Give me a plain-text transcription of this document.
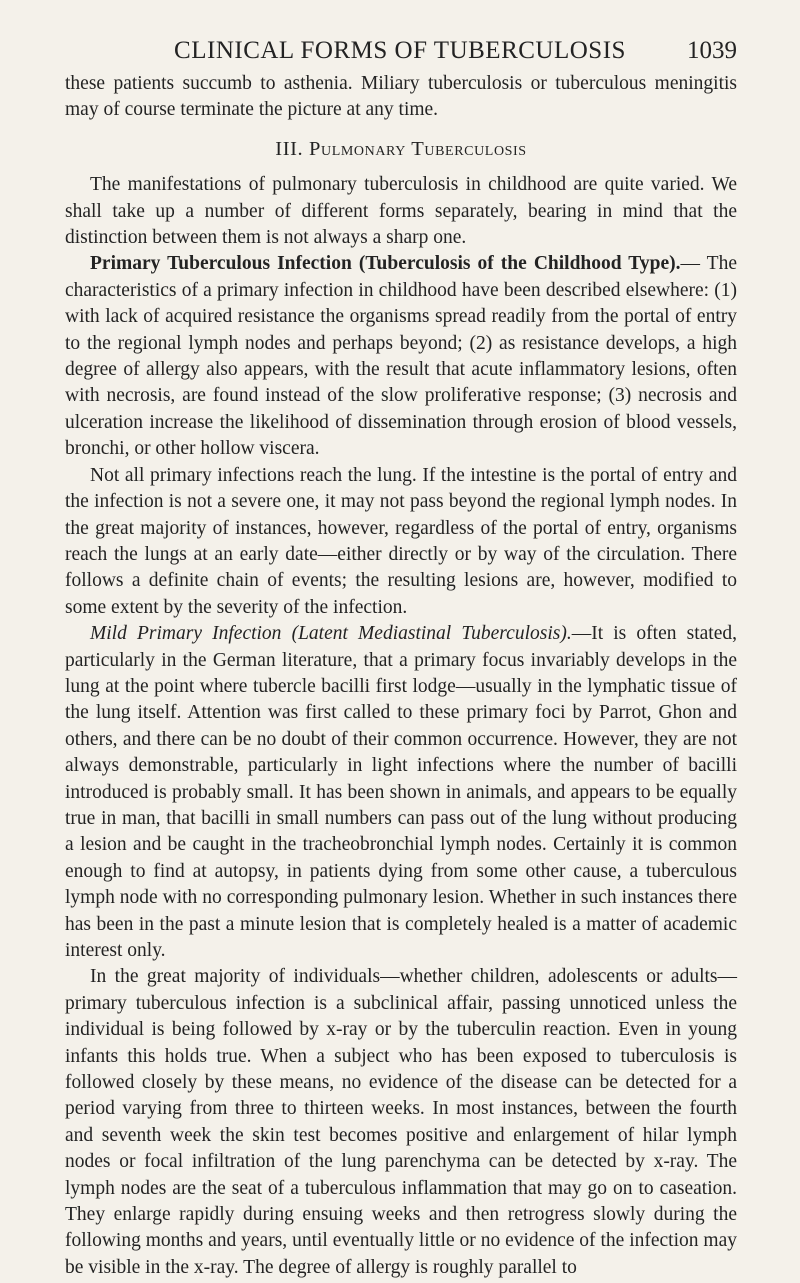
CLINICAL FORMS OF TUBERCULOSIS	1039

these patients succumb to asthenia. Miliary tuberculosis or tuberculous meningitis may of course terminate the picture at any time.

III. Pulmonary Tuberculosis

The manifestations of pulmonary tuberculosis in childhood are quite varied. We shall take up a number of different forms separately, bearing in mind that the distinction between them is not always a sharp one.

Primary Tuberculous Infection (Tuberculosis of the Childhood Type).— The characteristics of a primary infection in childhood have been described elsewhere: (1) with lack of acquired resistance the organisms spread readily from the portal of entry to the regional lymph nodes and perhaps beyond; (2) as resistance develops, a high degree of allergy also appears, with the result that acute inflammatory lesions, often with necrosis, are found instead of the slow proliferative response; (3) necrosis and ulceration increase the likelihood of dissemination through erosion of blood vessels, bronchi, or other hollow viscera.

Not all primary infections reach the lung. If the intestine is the portal of entry and the infection is not a severe one, it may not pass beyond the regional lymph nodes. In the great majority of instances, however, regardless of the portal of entry, organisms reach the lungs at an early date—either directly or by way of the circulation. There follows a definite chain of events; the resulting lesions are, however, modified to some extent by the severity of the infection.

Mild Primary Infection (Latent Mediastinal Tuberculosis).—It is often stated, particularly in the German literature, that a primary focus invariably develops in the lung at the point where tubercle bacilli first lodge—usually in the lymphatic tissue of the lung itself. Attention was first called to these primary foci by Parrot, Ghon and others, and there can be no doubt of their common occurrence. However, they are not always demonstrable, particularly in light infections where the number of bacilli introduced is probably small. It has been shown in animals, and appears to be equally true in man, that bacilli in small numbers can pass out of the lung without producing a lesion and be caught in the tracheobronchial lymph nodes. Certainly it is common enough to find at autopsy, in patients dying from some other cause, a tuberculous lymph node with no corresponding pulmonary lesion. Whether in such instances there has been in the past a minute lesion that is completely healed is a matter of academic interest only.

In the great majority of individuals—whether children, adolescents or adults— primary tuberculous infection is a subclinical affair, passing unnoticed unless the individual is being followed by x-ray or by the tuberculin reaction. Even in young infants this holds true. When a subject who has been exposed to tuberculosis is followed closely by these means, no evidence of the disease can be detected for a period varying from three to thirteen weeks. In most instances, between the fourth and seventh week the skin test becomes positive and enlargement of hilar lymph nodes or focal infiltration of the lung parenchyma can be detected by x-ray. The lymph nodes are the seat of a tuberculous inflammation that may go on to caseation. They enlarge rapidly during ensuing weeks and then retrogress slowly during the following months and years, until eventually little or no evidence of the infection may be visible in the x-ray. The degree of allergy is roughly parallel to
